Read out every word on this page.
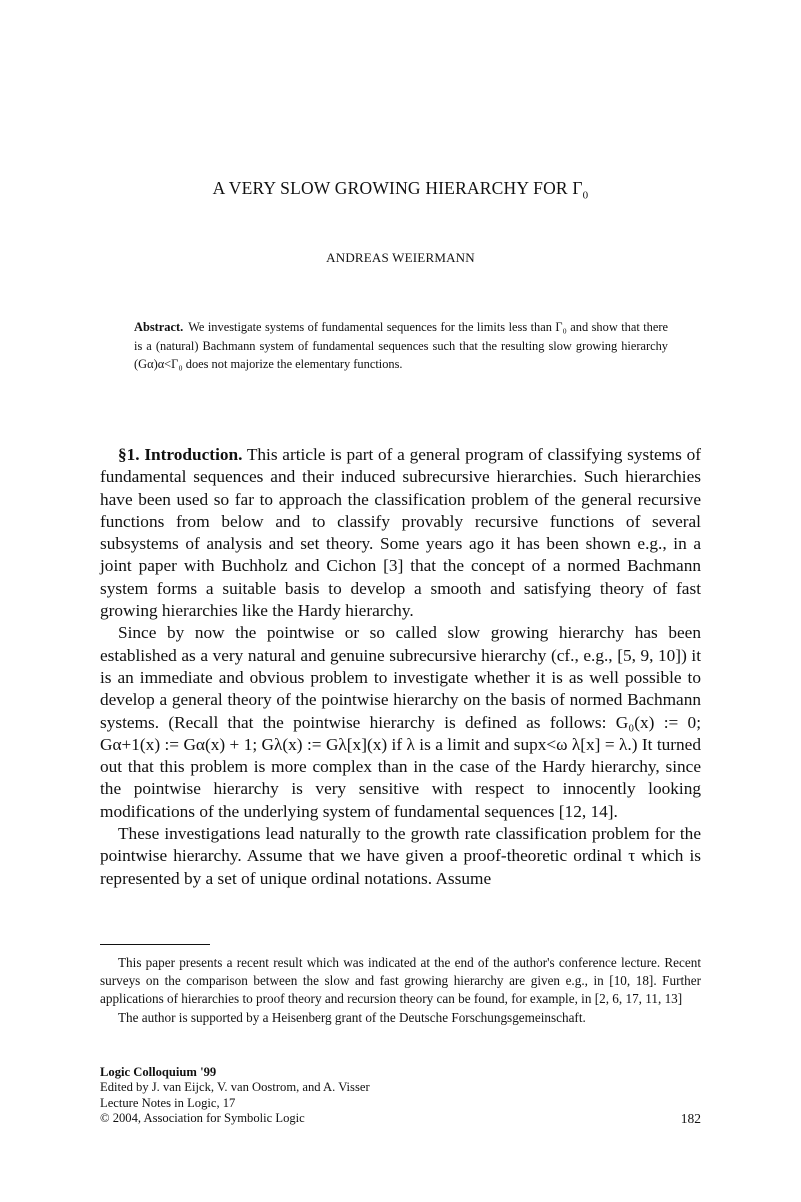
A VERY SLOW GROWING HIERARCHY FOR $\Gamma_0$
ANDREAS WEIERMANN
Abstract. We investigate systems of fundamental sequences for the limits less than Γ₀ and show that there is a (natural) Bachmann system of fundamental sequences such that the resulting slow growing hierarchy (Gα)α<Γ₀ does not majorize the elementary functions.

§1. Introduction. This article is part of a general program of classifying systems of fundamental sequences and their induced subrecursive hierarchies. Such hierarchies have been used so far to approach the classification problem of the general recursive functions from below and to classify provably recursive functions of several subsystems of analysis and set theory. Some years ago it has been shown e.g., in a joint paper with Buchholz and Cichon [3] that the concept of a normed Bachmann system forms a suitable basis to develop a smooth and satisfying theory of fast growing hierarchies like the Hardy hierarchy.

Since by now the pointwise or so called slow growing hierarchy has been established as a very natural and genuine subrecursive hierarchy (cf., e.g., [5, 9, 10]) it is an immediate and obvious problem to investigate whether it is as well possible to develop a general theory of the pointwise hierarchy on the basis of normed Bachmann systems. (Recall that the pointwise hierarchy is defined as follows: G₀(x) := 0; Gα+1(x) := Gα(x) + 1; Gλ(x) := Gλ[x](x) if λ is a limit and supx<ω λ[x] = λ.) It turned out that this problem is more complex than in the case of the Hardy hierarchy, since the pointwise hierarchy is very sensitive with respect to innocently looking modifications of the underlying system of fundamental sequences [12, 14].

These investigations lead naturally to the growth rate classification problem for the pointwise hierarchy. Assume that we have given a proof-theoretic ordinal τ which is represented by a set of unique ordinal notations. Assume

This paper presents a recent result which was indicated at the end of the author's conference lecture. Recent surveys on the comparison between the slow and fast growing hierarchy are given e.g., in [10, 18]. Further applications of hierarchies to proof theory and recursion theory can be found, for example, in [2, 6, 17, 11, 13]

The author is supported by a Heisenberg grant of the Deutsche Forschungsgemeinschaft.

Logic Colloquium '99
Edited by J. van Eijck, V. van Oostrom, and A. Visser
Lecture Notes in Logic, 17
© 2004, Association for Symbolic Logic	182
